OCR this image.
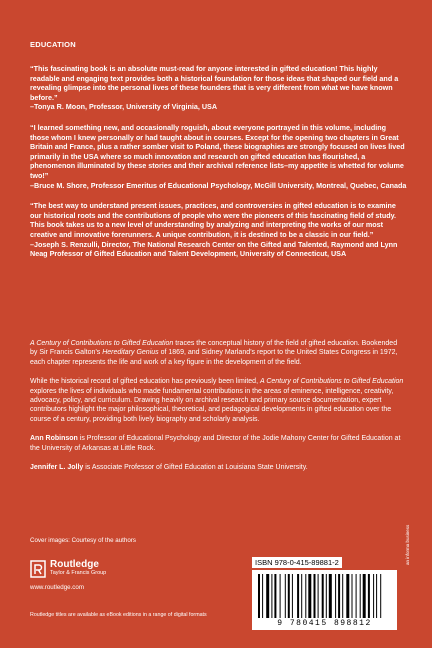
EDUCATION
“This fascinating book is an absolute must-read for anyone interested in gifted education! This highly readable and engaging text provides both a historical foundation for those ideas that shaped our field and a revealing glimpse into the personal lives of these founders that is very different from what we have known before.”
–Tonya R. Moon, Professor, University of Virginia, USA
“I learned something new, and occasionally roguish, about everyone portrayed in this volume, including those whom I knew personally or had taught about in courses. Except for the opening two chapters in Great Britain and France, plus a rather somber visit to Poland, these biographies are strongly focused on lives lived primarily in the USA where so much innovation and research on gifted education has flourished, a phenomenon illuminated by these stories and their archival reference lists–my appetite is whetted for volume two!”
–Bruce M. Shore, Professor Emeritus of Educational Psychology, McGill University, Montreal, Quebec, Canada
“The best way to understand present issues, practices, and controversies in gifted education is to examine our historical roots and the contributions of people who were the pioneers of this fascinating field of study. This book takes us to a new level of understanding by analyzing and interpreting the works of our most creative and innovative forerunners. A unique contribution, it is destined to be a classic in our field.”
–Joseph S. Renzulli, Director, The National Research Center on the Gifted and Talented, Raymond and Lynn Neag Professor of Gifted Education and Talent Development, University of Connecticut, USA

A Century of Contributions to Gifted Education traces the conceptual history of the field of gifted education. Bookended by Sir Francis Galton’s Hereditary Genius of 1869, and Sidney Marland’s report to the United States Congress in 1972, each chapter represents the life and work of a key figure in the development of the field.

While the historical record of gifted education has previously been limited, A Century of Contributions to Gifted Education explores the lives of individuals who made fundamental contributions in the areas of eminence, intelligence, creativity, advocacy, policy, and curriculum. Drawing heavily on archival research and primary source documentation, expert contributors highlight the major philosophical, theoretical, and pedagogical developments in gifted education over the course of a century, providing both lively biography and scholarly analysis.

Ann Robinson is Professor of Educational Psychology and Director of the Jodie Mahony Center for Gifted Education at the University of Arkansas at Little Rock.

Jennifer L. Jolly is Associate Professor of Gifted Education at Louisiana State University.

Cover images: Courtesy of the authors
Routledge
Taylor & Francis Group
www.routledge.com
Routledge titles are available as eBook editions in a range of digital formats
ISBN 978-0-415-89881-2
9 780415 898812
an informa business
